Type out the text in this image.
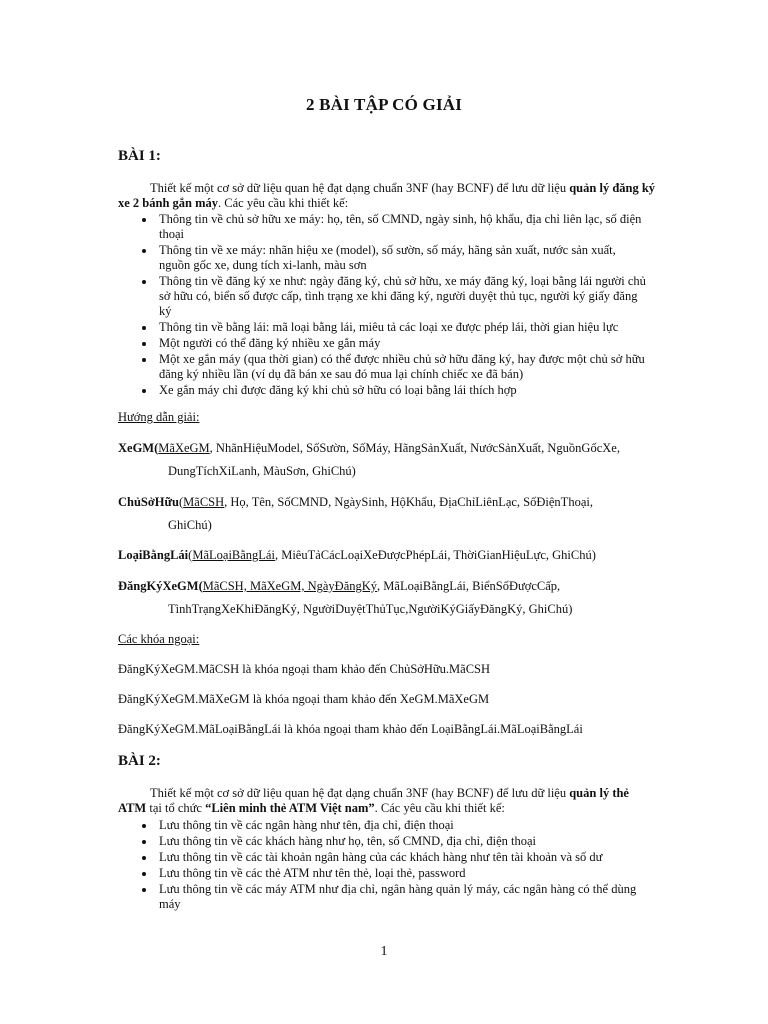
2 BÀI TẬP CÓ GIẢI
BÀI 1:
Thiết kế một cơ sở dữ liệu quan hệ đạt dạng chuẩn 3NF (hay BCNF) để lưu dữ liệu quản lý đăng ký xe 2 bánh gắn máy. Các yêu cầu khi thiết kế:
Thông tin về chủ sở hữu xe máy: họ, tên, số CMND, ngày sinh, hộ khẩu, địa chỉ liên lạc, số điện thoại
Thông tin về xe máy: nhãn hiệu xe (model), số sườn, số máy, hãng sản xuất, nước sản xuất, nguồn gốc xe, dung tích xi-lanh, màu sơn
Thông tin về đăng ký xe như: ngày đăng ký, chủ sở hữu, xe máy đăng ký, loại bằng lái người chủ sở hữu có, biển số được cấp, tình trạng xe khi đăng ký, người duyệt thủ tục, người ký giấy đăng ký
Thông tin về bằng lái: mã loại bằng lái, miêu tả các loại xe được phép lái, thời gian hiệu lực
Một người có thể đăng ký nhiều xe gắn máy
Một xe gắn máy (qua thời gian) có thể được nhiều chủ sở hữu đăng ký, hay được một chủ sở hữu đăng ký nhiều lần (ví dụ đã bán xe sau đó mua lại chính chiếc xe đã bán)
Xe gắn máy chỉ được đăng ký khi chủ sở hữu có loại bằng lái thích hợp
Hướng dẫn giải:
XeGM(MãXeGM, NhãnHiệuModel, SốSườn, SốMáy, HãngSảnXuất, NướcSảnXuất, NguồnGốcXe,
DungTíchXiLanh, MàuSơn, GhiChú)
ChủSởHữu(MãCSH, Họ, Tên, SốCMND, NgàySinh, HộKhẩu, ĐịaChỉLiênLạc, SốĐiệnThoại,
GhiChú)
LoạiBằngLái(MãLoạiBằngLái, MiêuTảCácLoạiXeĐượcPhépLái, ThờiGianHiệuLực, GhiChú)
ĐăngKýXeGM(MãCSH, MãXeGM, NgàyĐăngKý, MãLoạiBằngLái, BiểnSốĐượcCấp,
TìnhTrạngXeKhiĐăngKý, NgườiDuyệtThủTục,NgườiKýGiấyĐăngKý, GhiChú)
Các khóa ngoại:
ĐăngKýXeGM.MãCSH là khóa ngoại tham khảo đến ChủSởHữu.MãCSH
ĐăngKýXeGM.MãXeGM là khóa ngoại tham khảo đến XeGM.MãXeGM
ĐăngKýXeGM.MãLoạiBằngLái là khóa ngoại tham khảo đến LoạiBằngLái.MãLoạiBằngLái
BÀI 2:
Thiết kế một cơ sở dữ liệu quan hệ đạt dạng chuẩn 3NF (hay BCNF) để lưu dữ liệu quản lý thẻ ATM tại tổ chức “Liên minh thẻ ATM Việt nam”. Các yêu cầu khi thiết kế:
Lưu thông tin về các ngân hàng như tên, địa chỉ, điện thoại
Lưu thông tin về các khách hàng như họ, tên, số CMND, địa chỉ, điện thoại
Lưu thông tin về các tài khoản ngân hàng của các khách hàng như tên tài khoản và số dư
Lưu thông tin về các thẻ ATM như tên thẻ, loại thẻ, password
Lưu thông tin về các máy ATM như địa chỉ, ngân hàng quản lý máy, các ngân hàng có thể dùng máy
1
